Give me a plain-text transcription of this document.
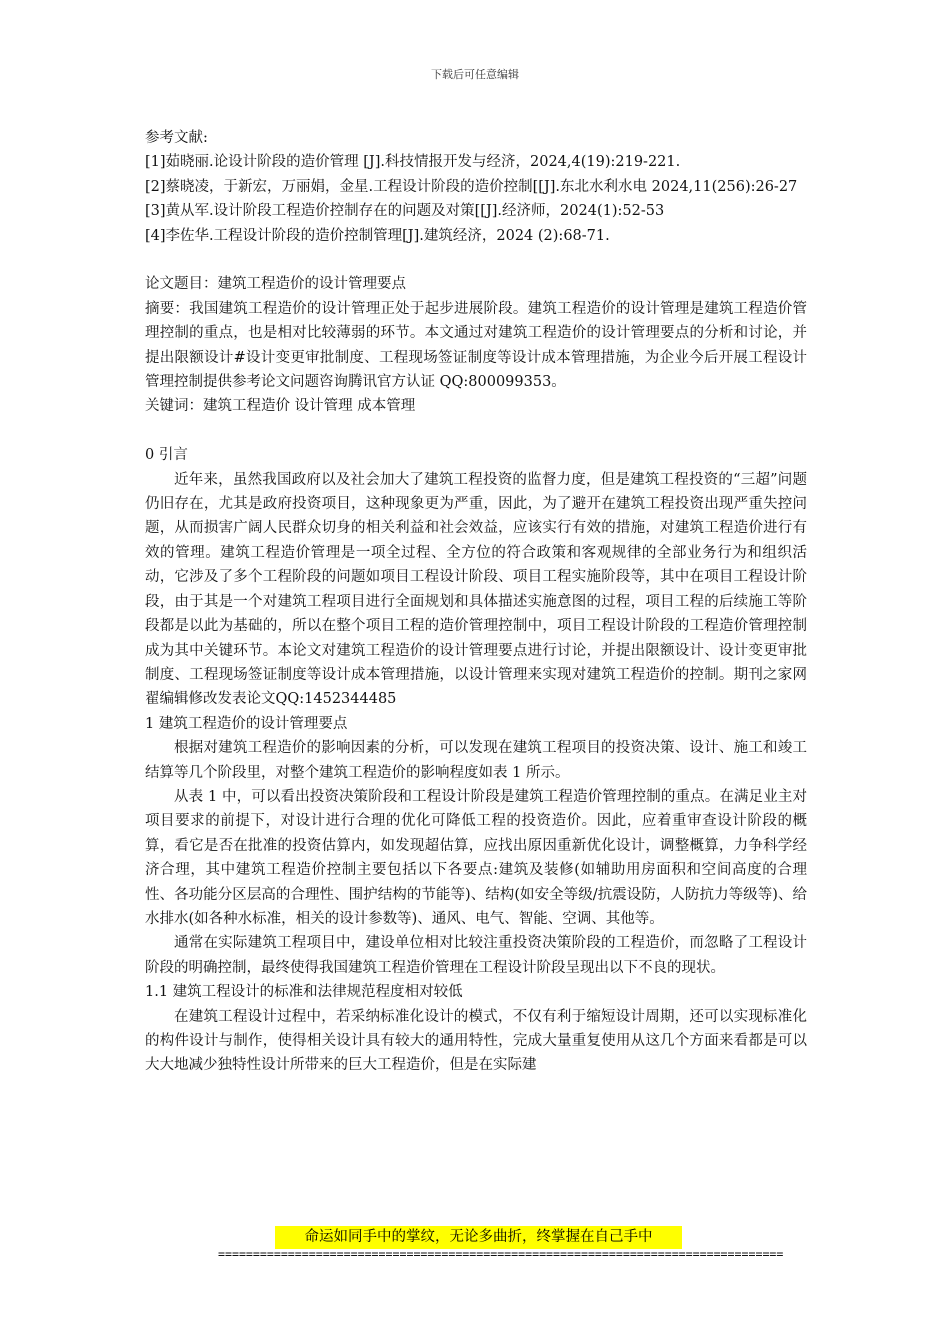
下载后可任意编辑

参考文献:

[1]茹晓丽.论设计阶段的造价管理 [J].科技情报开发与经济，2024,4(19):219-221.

[2]蔡晓凌，于新宏，万丽娟，金星.工程设计阶段的造价控制[[J].东北水利水电 2024,11(256):26-27

[3]黄从军.设计阶段工程造价控制存在的问题及对策[[J].经济师，2024(1):52-53

[4]李佐华.工程设计阶段的造价控制管理[J].建筑经济，2024 (2):68-71.

论文题目：建筑工程造价的设计管理要点

摘要：我国建筑工程造价的设计管理正处于起步进展阶段。建筑工程造价的设计管理是建筑工程造价管理控制的重点，也是相对比较薄弱的环节。本文通过对建筑工程造价的设计管理要点的分析和讨论，并提出限额设计#设计变更审批制度、工程现场签证制度等设计成本管理措施，为企业今后开展工程设计管理控制提供参考论文问题咨询腾讯官方认证 QQ:800099353。

关键词：建筑工程造价 设计管理 成本管理

0 引言

近年来，虽然我国政府以及社会加大了建筑工程投资的监督力度，但是建筑工程投资的“三超”问题仍旧存在，尤其是政府投资项目，这种现象更为严重，因此，为了避开在建筑工程投资出现严重失控问题，从而损害广阔人民群众切身的相关利益和社会效益，应该实行有效的措施，对建筑工程造价进行有效的管理。建筑工程造价管理是一项全过程、全方位的符合政策和客观规律的全部业务行为和组织活动，它涉及了多个工程阶段的问题如项目工程设计阶段、项目工程实施阶段等，其中在项目工程设计阶段，由于其是一个对建筑工程项目进行全面规划和具体描述实施意图的过程，项目工程的后续施工等阶段都是以此为基础的，所以在整个项目工程的造价管理控制中，项目工程设计阶段的工程造价管理控制成为其中关键环节。本论文对建筑工程造价的设计管理要点进行讨论，并提出限额设计、设计变更审批制度、工程现场签证制度等设计成本管理措施，以设计管理来实现对建筑工程造价的控制。期刊之家网翟编辑修改发表论文QQ:1452344485

1 建筑工程造价的设计管理要点

根据对建筑工程造价的影响因素的分析，可以发现在建筑工程项目的投资决策、设计、施工和竣工结算等几个阶段里，对整个建筑工程造价的影响程度如表 1 所示。

从表 1 中，可以看出投资决策阶段和工程设计阶段是建筑工程造价管理控制的重点。在满足业主对项目要求的前提下，对设计进行合理的优化可降低工程的投资造价。因此，应着重审查设计阶段的概算，看它是否在批准的投资估算内，如发现超估算，应找出原因重新优化设计，调整概算，力争科学经济合理，其中建筑工程造价控制主要包括以下各要点:建筑及装修(如辅助用房面积和空间高度的合理性、各功能分区层高的合理性、围护结构的节能等)、结构(如安全等级/抗震设防，人防抗力等级等)、给水排水(如各种水标准，相关的设计参数等)、通风、电气、智能、空调、其他等。

通常在实际建筑工程项目中，建设单位相对比较注重投资决策阶段的工程造价，而忽略了工程设计阶段的明确控制，最终使得我国建筑工程造价管理在工程设计阶段呈现出以下不良的现状。

1.1 建筑工程设计的标准和法律规范程度相对较低

在建筑工程设计过程中，若采纳标准化设计的模式，不仅有利于缩短设计周期，还可以实现标准化的构件设计与制作，使得相关设计具有较大的通用特性，完成大量重复使用从这几个方面来看都是可以大大地减少独特性设计所带来的巨大工程造价，但是在实际建

命运如同手中的掌纹，无论多曲折，终掌握在自己手中
=================================================================================
